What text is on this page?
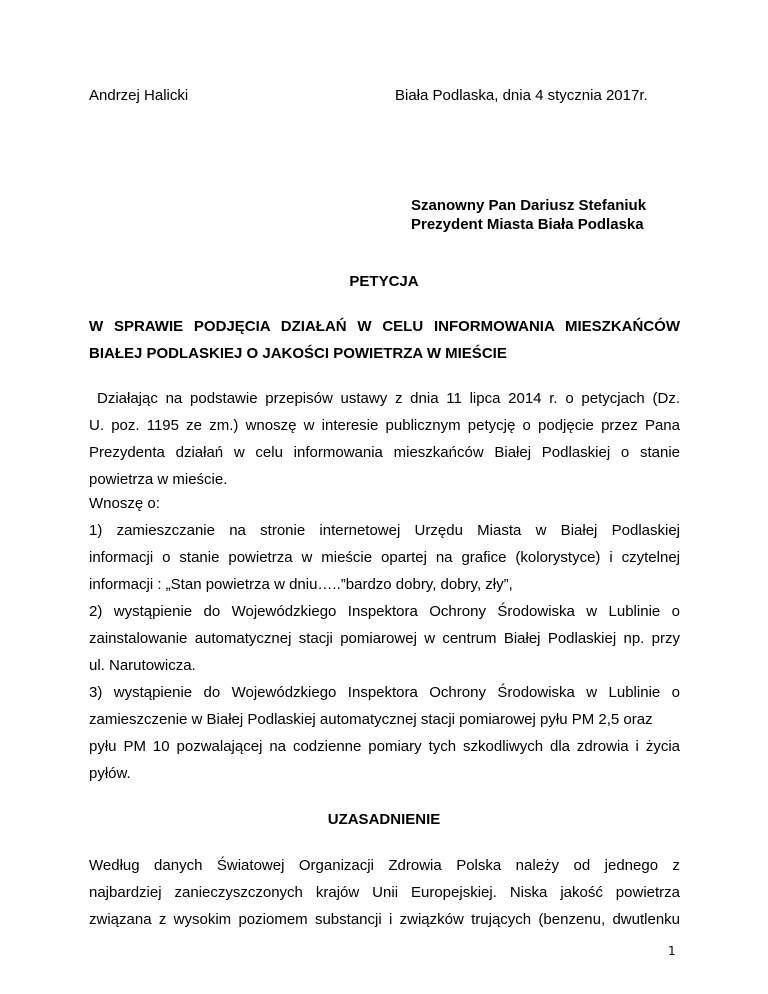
Andrzej Halicki	Biała Podlaska, dnia 4 stycznia 2017r.
Szanowny Pan Dariusz Stefaniuk
Prezydent Miasta Biała Podlaska
PETYCJA
W SPRAWIE PODJĘCIA DZIAŁAŃ W CELU INFORMOWANIA MIESZKAŃCÓW
BIAŁEJ PODLASKIEJ O JAKOŚCI POWIETRZA W MIEŚCIE
Działając na podstawie przepisów ustawy z dnia 11 lipca 2014 r. o petycjach (Dz.
U. poz. 1195 ze zm.) wnoszę w interesie publicznym petycję o podjęcie przez Pana
Prezydenta działań w celu informowania mieszkańców Białej Podlaskiej o stanie
powietrza w mieście.
Wnoszę o:
1) zamieszczanie na stronie internetowej Urzędu Miasta w Białej Podlaskiej
informacji o stanie powietrza w mieście opartej na grafice (kolorystyce) i czytelnej
informacji : „Stan powietrza w dniu…..”bardzo dobry, dobry, zły”,
2) wystąpienie do Wojewódzkiego Inspektora Ochrony Środowiska w Lublinie o
zainstalowanie automatycznej stacji pomiarowej w centrum Białej Podlaskiej np. przy
ul. Narutowicza.
3) wystąpienie do Wojewódzkiego Inspektora Ochrony Środowiska w Lublinie o
zamieszczenie w Białej Podlaskiej automatycznej stacji pomiarowej pyłu PM 2,5 oraz
pyłu PM 10 pozwalającej na codzienne pomiary tych szkodliwych dla zdrowia i życia
pyłów.
UZASADNIENIE
Według danych Światowej Organizacji Zdrowia Polska należy od jednego z
najbardziej zanieczyszczonych krajów Unii Europejskiej. Niska jakość powietrza
związana z wysokim poziomem substancji i związków trujących (benzenu, dwutlenku
1
